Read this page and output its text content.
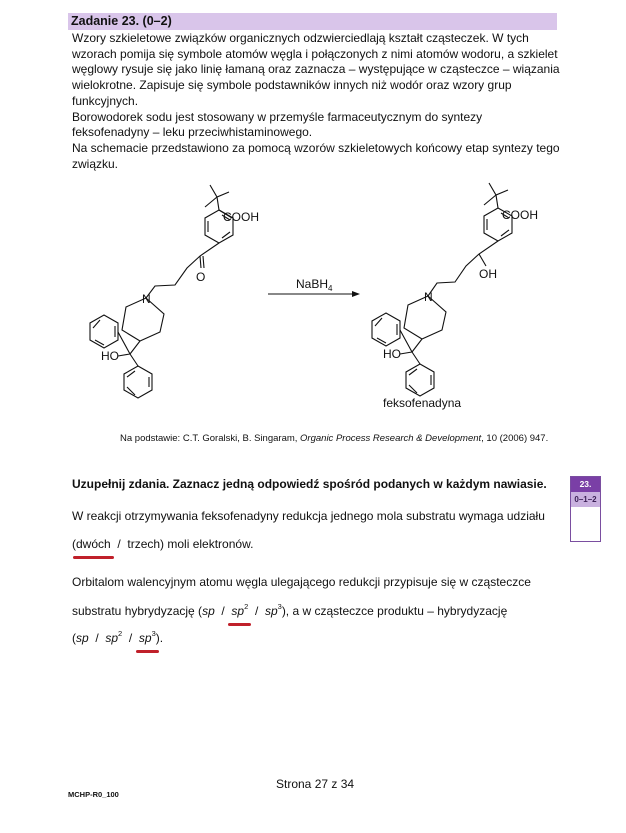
Zadanie 23. (0–2)

Wzory szkieletowe związków organicznych odzwierciedlają kształt cząsteczek. W tych wzorach pomija się symbole atomów węgla i połączonych z nimi atomów wodoru, a szkielet węglowy rysuje się jako linię łamaną oraz zaznacza – występujące w cząsteczce – wiązania wielokrotne. Zapisuje się symbole podstawników innych niż wodór oraz wzory grup funkcyjnych.

Borowodorek sodu jest stosowany w przemyśle farmaceutycznym do syntezy feksofenadyny – leku przeciwhistaminowego.

Na schemacie przedstawiono za pomocą wzorów szkieletowych końcowy etap syntezy tego związku.

COOH
O
N
HO
NaBH$_4$
COOH
OH
N
HO
feksofenadyna
Na podstawie: C.T. Goralski, B. Singaram, Organic Process Research & Development, 10 (2006) 947.
Uzupełnij zdania. Zaznacz jedną odpowiedź spośród podanych w każdym nawiasie.	23.
0–1–2
W reakcji otrzymywania feksofenadyny redukcja jednego mola substratu wymaga udziału
(dwóch  /  trzech) moli elektronów.
Orbitalom walencyjnym atomu węgla ulegającego redukcji przypisuje się w cząsteczce
substratu hybrydyzację $(sp / sp^2 / sp^3)$, a w cząsteczce produktu – hybrydyzację
$(sp / sp^2 / sp^3)$.
Strona 27 z 34
MCHP-R0_100
